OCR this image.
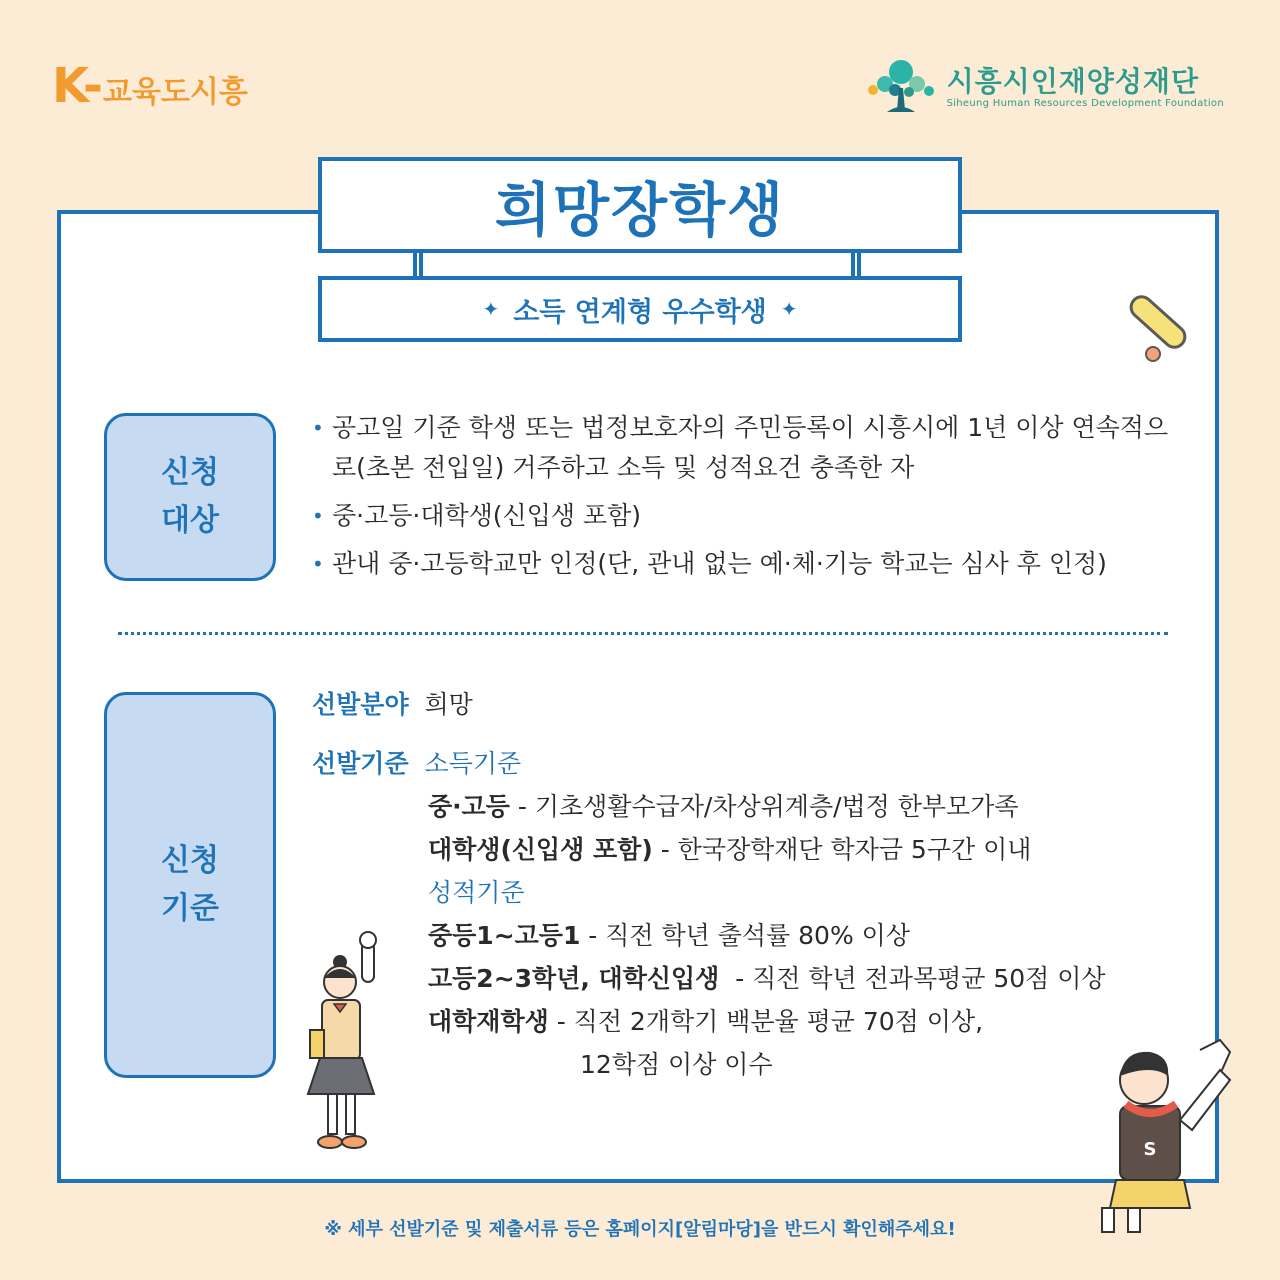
K-교육도시흥	시흥시인재양성재단
Siheung Human Resources Development Foundation
희망장학생
✦ 소득 연계형 우수학생 ✦
신청
대상
• 공고일 기준 학생 또는 법정보호자의 주민등록이 시흥시에 1년 이상 연속적으로(초본 전입일) 거주하고 소득 및 성적요건 충족한 자
• 중·고등·대학생(신입생 포함)
• 관내 중·고등학교만 인정(단, 관내 없는 예·체·기능 학교는 심사 후 인정)
신청
기준
선발분야 희망
선발기준 소득기준
중·고등 - 기초생활수급자/차상위계층/법정 한부모가족
대학생(신입생 포함) - 한국장학재단 학자금 5구간 이내
성적기준
중등1~고등1 - 직전 학년 출석률 80% 이상
고등2~3학년, 대학신입생  - 직전 학년 전과목평균 50점 이상
대학재학생 - 직전 2개학기 백분율 평균 70점 이상,
12학점 이상 이수
S
※ 세부 선발기준 및 제출서류 등은 홈페이지[알림마당]을 반드시 확인해주세요!
